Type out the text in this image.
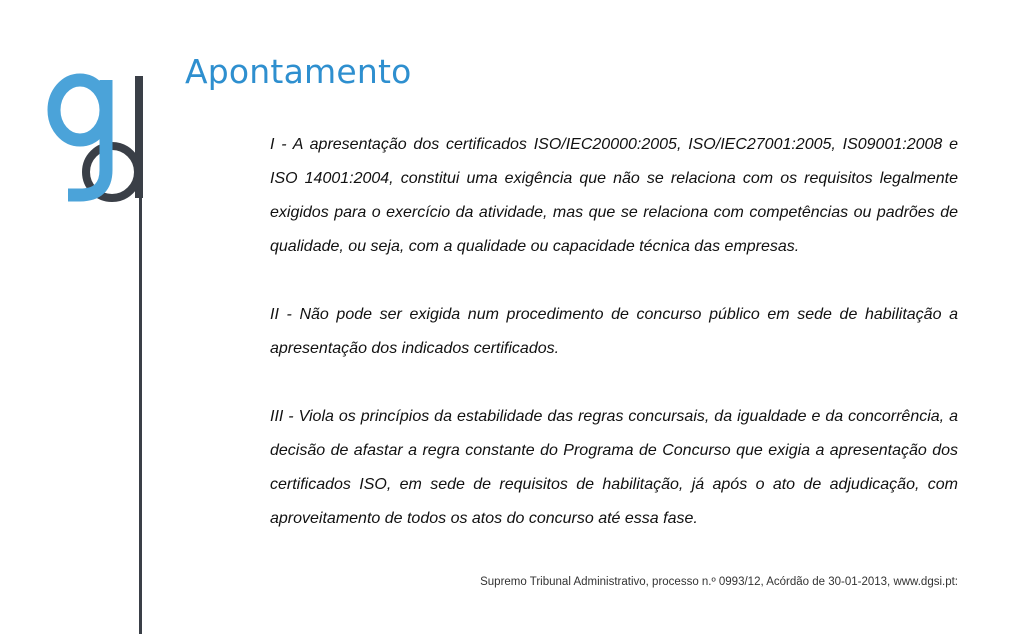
Apontamento

I - A apresentação dos certificados ISO/IEC20000:2005, ISO/IEC27001:2005, IS09001:2008 e ISO 14001:2004, constitui uma exigência que não se relaciona com os requisitos legalmente exigidos para o exercício da atividade, mas que se relaciona com competências ou padrões de qualidade, ou seja, com a qualidade ou capacidade técnica das empresas.

II - Não pode ser exigida num procedimento de concurso público em sede de habilitação a apresentação dos indicados certificados.

III - Viola os princípios da estabilidade das regras concursais, da igualdade e da concorrência, a decisão de afastar a regra constante do Programa de Concurso que exigia a apresentação dos certificados ISO, em sede de requisitos de habilitação, já após o ato de adjudicação, com aproveitamento de todos os atos do concurso até essa fase.

Supremo Tribunal Administrativo, processo n.º 0993/12, Acórdão de 30-01-2013, www.dgsi.pt:
